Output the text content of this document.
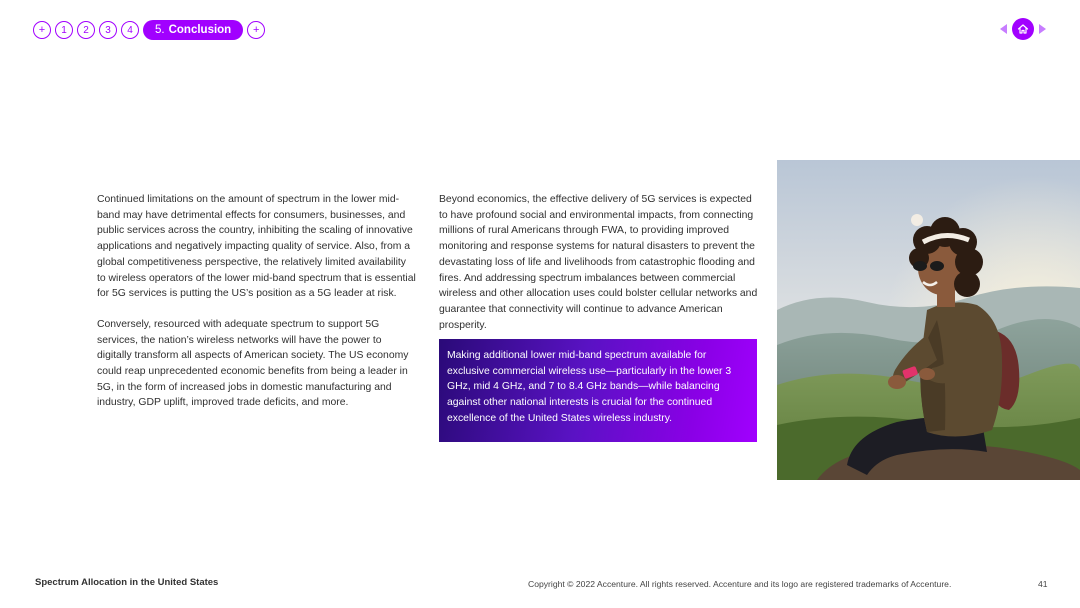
+	1	2	3	4	5. Conclusion	+

Continued limitations on the amount of spectrum in the lower mid-band may have detrimental effects for consumers, businesses, and public services across the country, inhibiting the scaling of innovative applications and negatively impacting quality of service. Also, from a global competitiveness perspective, the relatively limited availability to wireless operators of the lower mid-band spectrum that is essential for 5G services is putting the US’s position as a 5G leader at risk.

Conversely, resourced with adequate spectrum to support 5G services, the nation’s wireless networks will have the power to digitally transform all aspects of American society. The US economy could reap unprecedented economic benefits from being a leader in 5G, in the form of increased jobs in domestic manufacturing and industry, GDP uplift, improved trade deficits, and more.

Beyond economics, the effective delivery of 5G services is expected to have profound social and environmental impacts, from connecting millions of rural Americans through FWA, to providing improved monitoring and response systems for natural disasters to prevent the devastating loss of life and livelihoods from catastrophic flooding and fires. And addressing spectrum imbalances between commercial wireless and other allocation uses could bolster cellular networks and guarantee that connectivity will continue to advance American prosperity.

Making additional lower mid-band spectrum available for exclusive commercial wireless use—particularly in the lower 3 GHz, mid 4 GHz, and 7 to 8.4 GHz bands—while balancing against other national interests is crucial for the continued excellence of the United States wireless industry.
Spectrum Allocation in the United States	Copyright © 2022 Accenture. All rights reserved. Accenture and its logo are registered trademarks of Accenture.	41
